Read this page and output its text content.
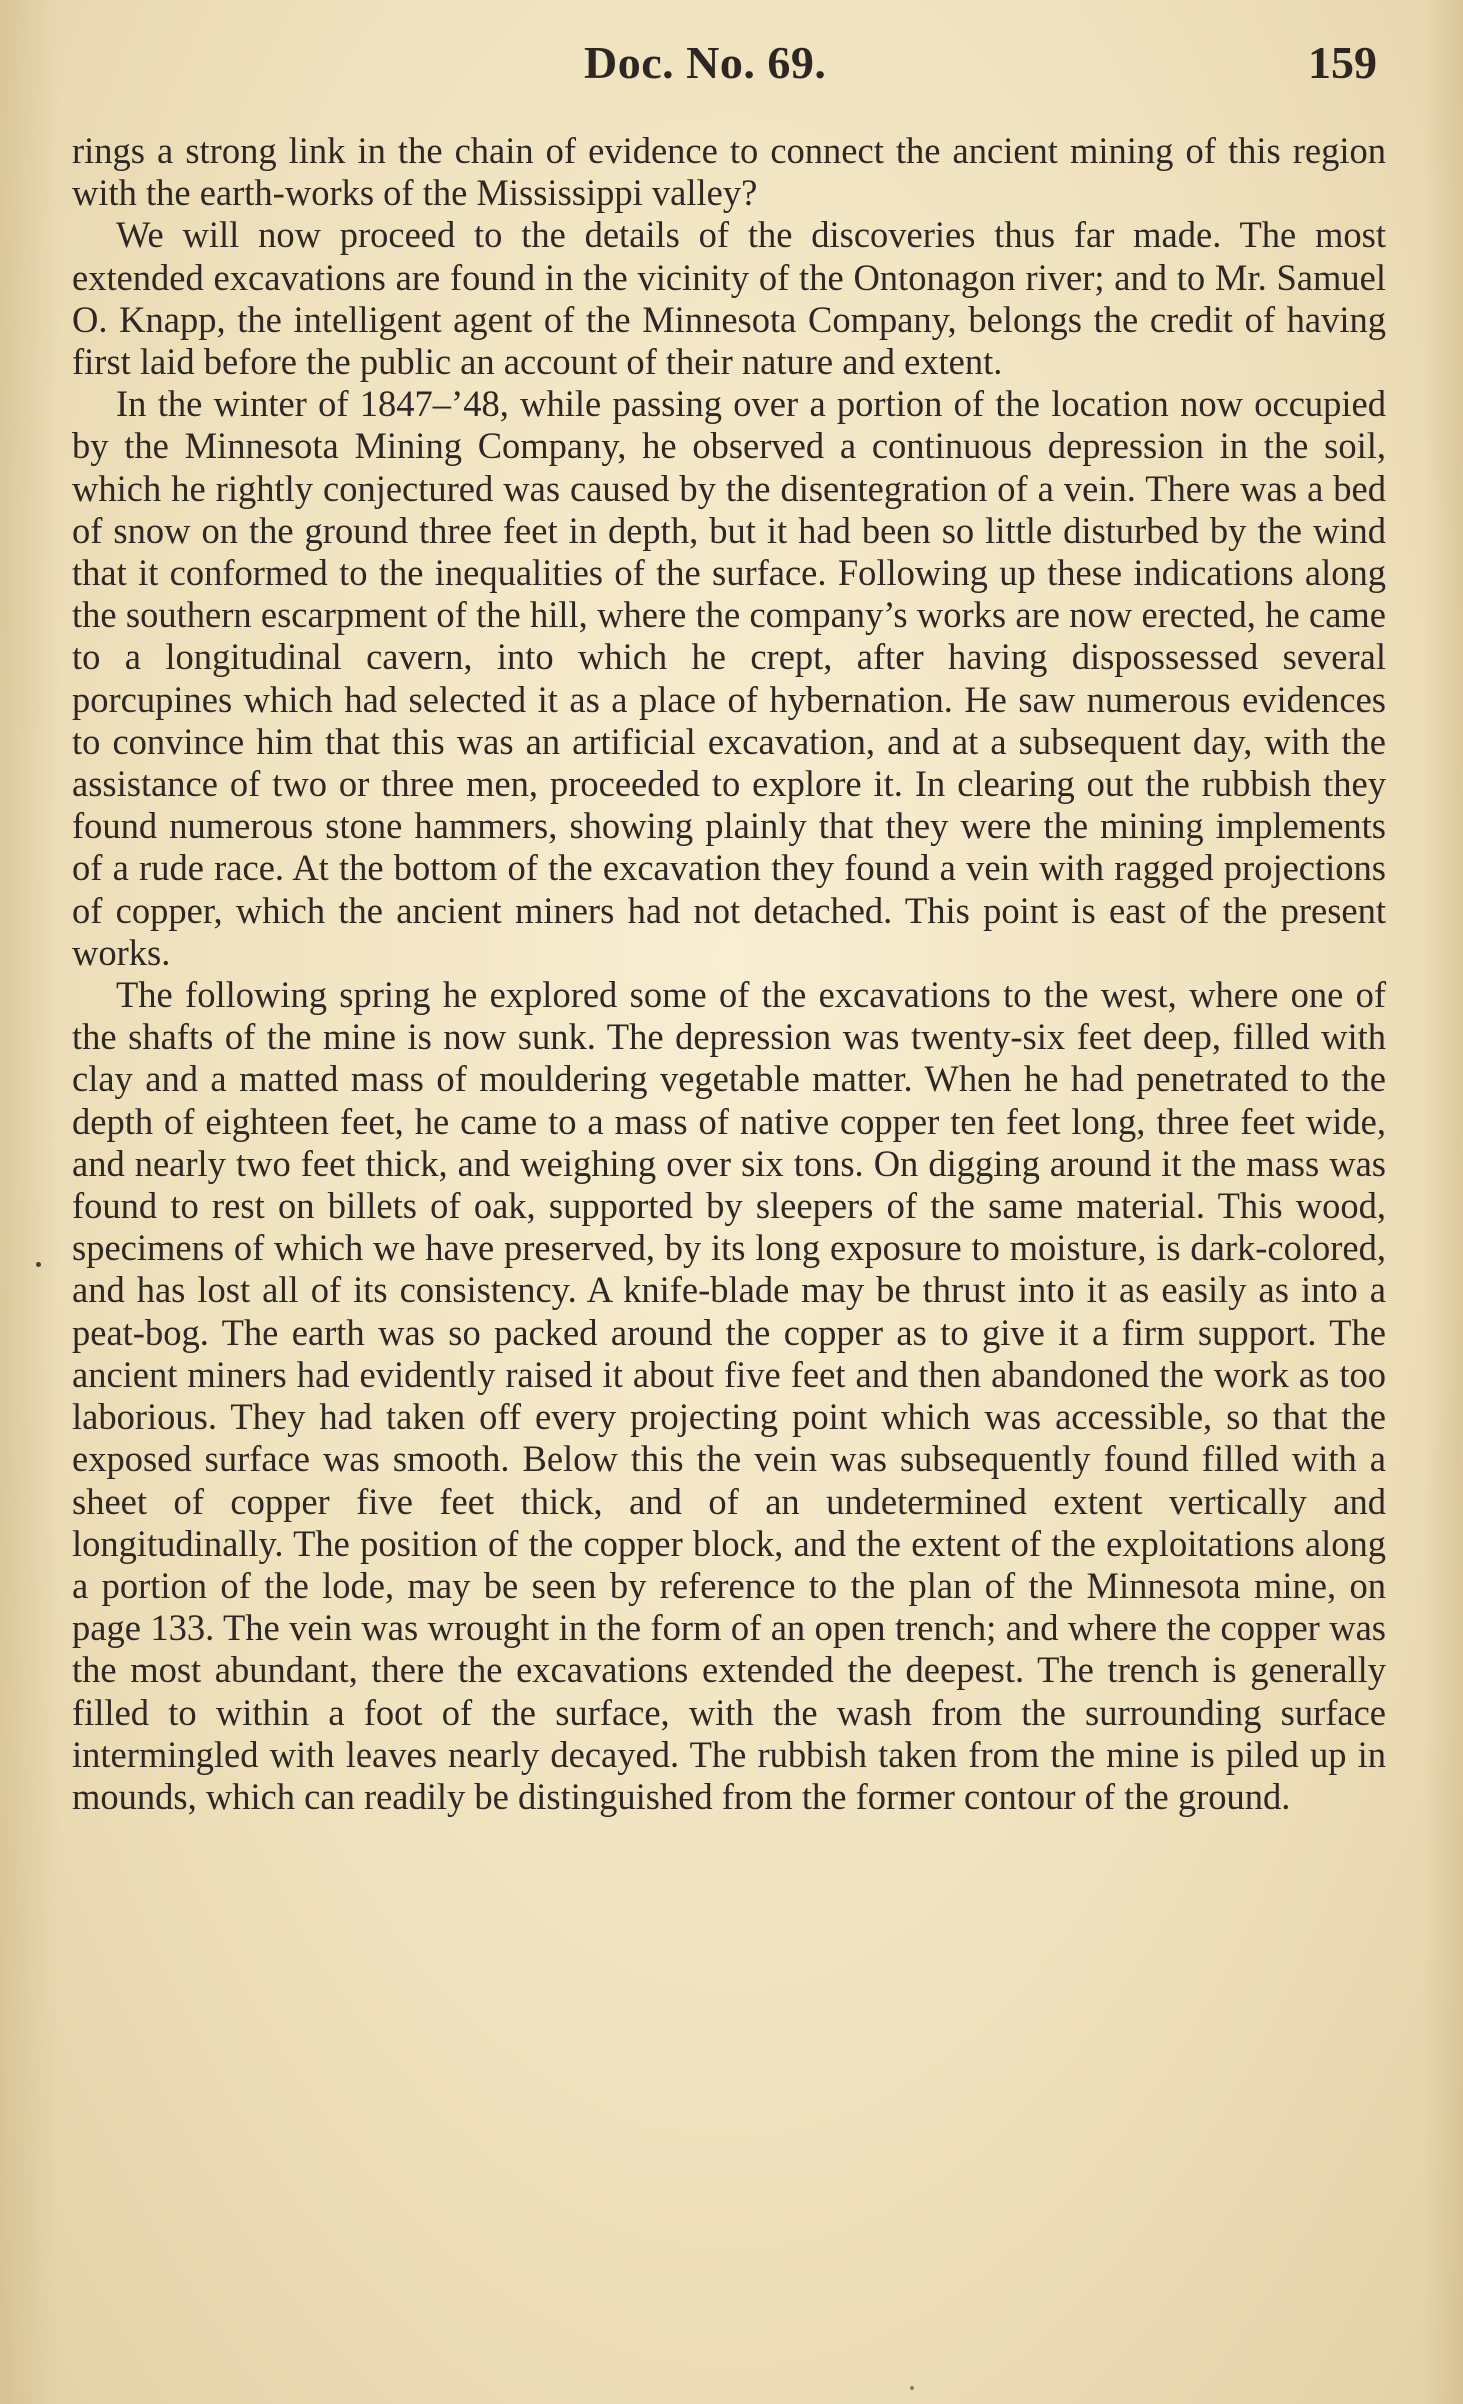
Doc. No. 69.	159

rings a strong link in the chain of evidence to connect the ancient mining of this region with the earth-works of the Mississippi valley?

We will now proceed to the details of the discoveries thus far made. The most extended excavations are found in the vicinity of the Ontonagon river; and to Mr. Samuel O. Knapp, the intelligent agent of the Minnesota Company, belongs the credit of having first laid before the public an account of their nature and extent.

In the winter of 1847–’48, while passing over a portion of the location now occupied by the Minnesota Mining Company, he observed a continuous depression in the soil, which he rightly conjectured was caused by the disentegration of a vein. There was a bed of snow on the ground three feet in depth, but it had been so little disturbed by the wind that it conformed to the inequalities of the surface. Following up these indications along the southern escarpment of the hill, where the company’s works are now erected, he came to a longitudinal cavern, into which he crept, after having dispossessed several porcupines which had selected it as a place of hybernation. He saw numerous evidences to convince him that this was an artificial excavation, and at a subsequent day, with the assistance of two or three men, proceeded to explore it. In clearing out the rubbish they found numerous stone hammers, showing plainly that they were the mining implements of a rude race. At the bottom of the excavation they found a vein with ragged projections of copper, which the ancient miners had not detached. This point is east of the present works.

The following spring he explored some of the excavations to the west, where one of the shafts of the mine is now sunk. The depression was twenty-six feet deep, filled with clay and a matted mass of mouldering vegetable matter. When he had penetrated to the depth of eighteen feet, he came to a mass of native copper ten feet long, three feet wide, and nearly two feet thick, and weighing over six tons. On digging around it the mass was found to rest on billets of oak, supported by sleepers of the same material. This wood, specimens of which we have preserved, by its long exposure to moisture, is dark-colored, and has lost all of its consistency. A knife-blade may be thrust into it as easily as into a peat-bog. The earth was so packed around the copper as to give it a firm support. The ancient miners had evidently raised it about five feet and then abandoned the work as too laborious. They had taken off every projecting point which was accessible, so that the exposed surface was smooth. Below this the vein was subsequently found filled with a sheet of copper five feet thick, and of an undetermined extent vertically and longitudinally. The position of the copper block, and the extent of the exploitations along a portion of the lode, may be seen by reference to the plan of the Minnesota mine, on page 133. The vein was wrought in the form of an open trench; and where the copper was the most abundant, there the excavations extended the deepest. The trench is generally filled to within a foot of the surface, with the wash from the surrounding surface intermingled with leaves nearly decayed. The rubbish taken from the mine is piled up in mounds, which can readily be distinguished from the former contour of the ground.
